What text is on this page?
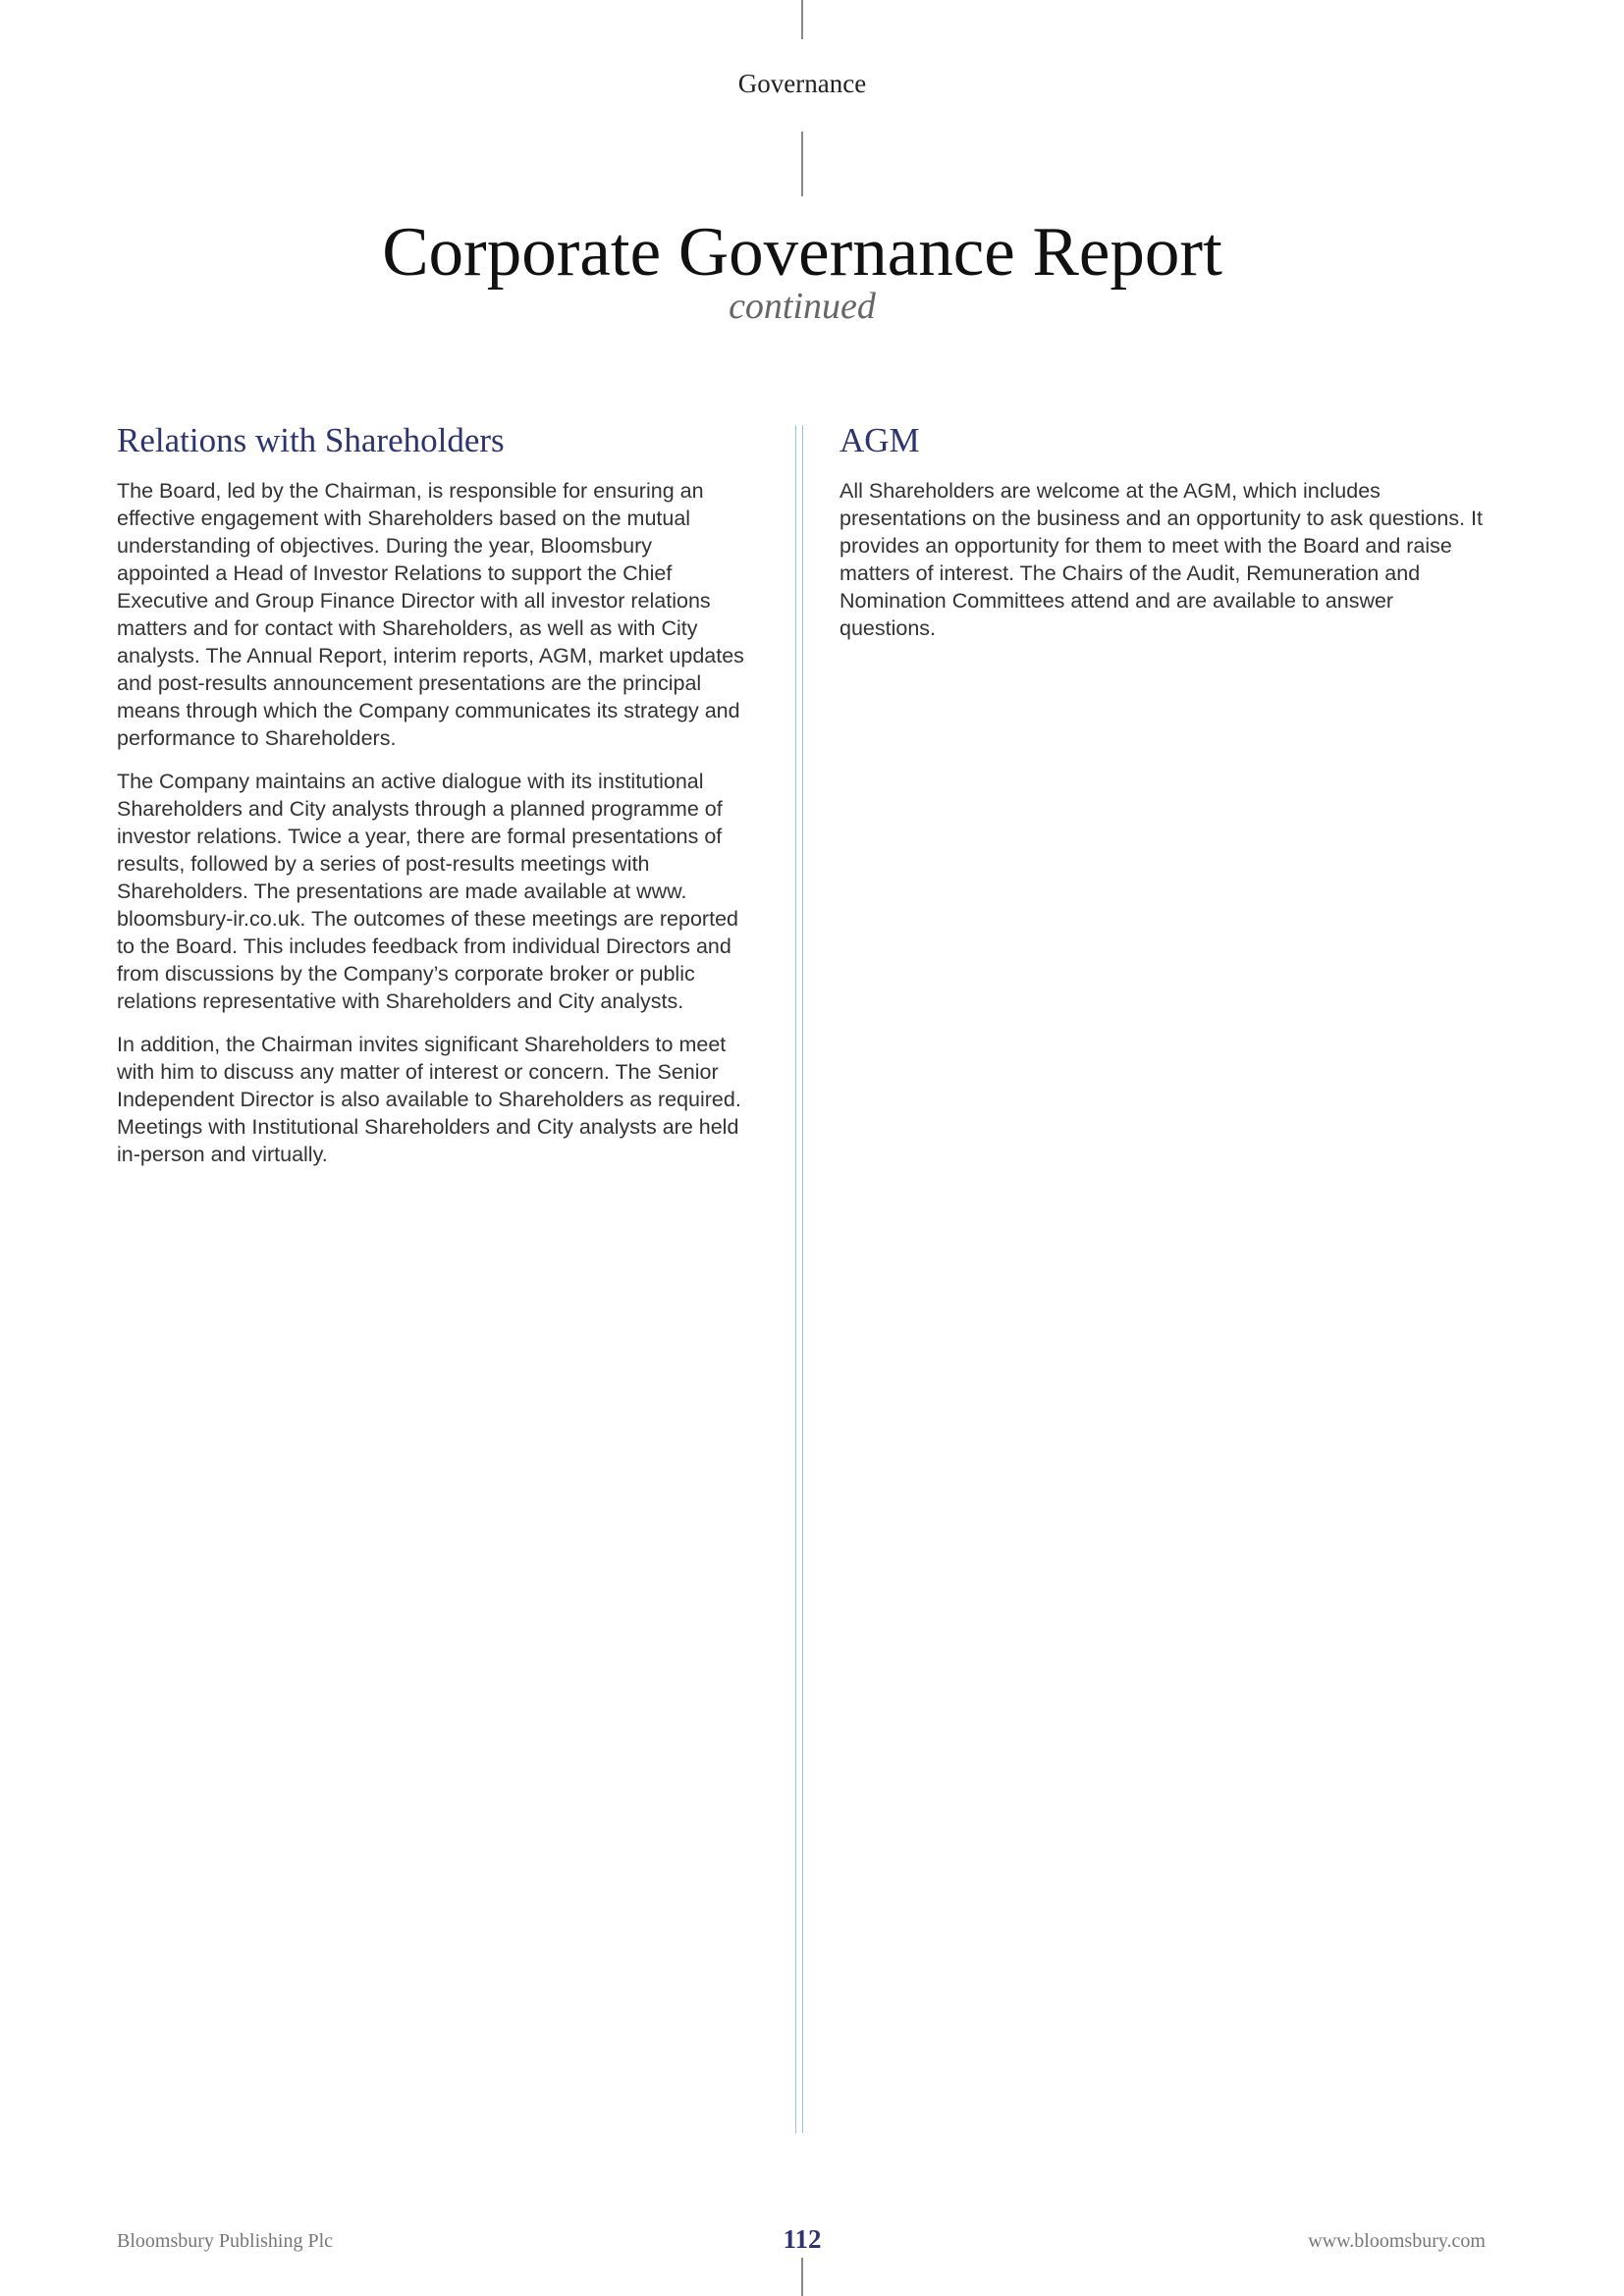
Governance
Corporate Governance Report
continued
Relations with Shareholders

The Board, led by the Chairman, is responsible for ensuring an effective engagement with Shareholders based on the mutual understanding of objectives. During the year, Bloomsbury appointed a Head of Investor Relations to support the Chief Executive and Group Finance Director with all investor relations matters and for contact with Shareholders, as well as with City analysts. The Annual Report, interim reports, AGM, market updates and post-results announcement presentations are the principal means through which the Company communicates its strategy and performance to Shareholders.

The Company maintains an active dialogue with its institutional Shareholders and City analysts through a planned programme of investor relations. Twice a year, there are formal presentations of results, followed by a series of post-results meetings with Shareholders. The presentations are made available at www. bloomsbury-ir.co.uk. The outcomes of these meetings are reported to the Board. This includes feedback from individual Directors and from discussions by the Company’s corporate broker or public relations representative with Shareholders and City analysts.

In addition, the Chairman invites significant Shareholders to meet with him to discuss any matter of interest or concern. The Senior Independent Director is also available to Shareholders as required. Meetings with Institutional Shareholders and City analysts are held in-person and virtually.

AGM

All Shareholders are welcome at the AGM, which includes presentations on the business and an opportunity to ask questions. It provides an opportunity for them to meet with the Board and raise matters of interest. The Chairs of the Audit, Remuneration and Nomination Committees attend and are available to answer questions.

Bloomsbury Publishing Plc	112	www.bloomsbury.com
